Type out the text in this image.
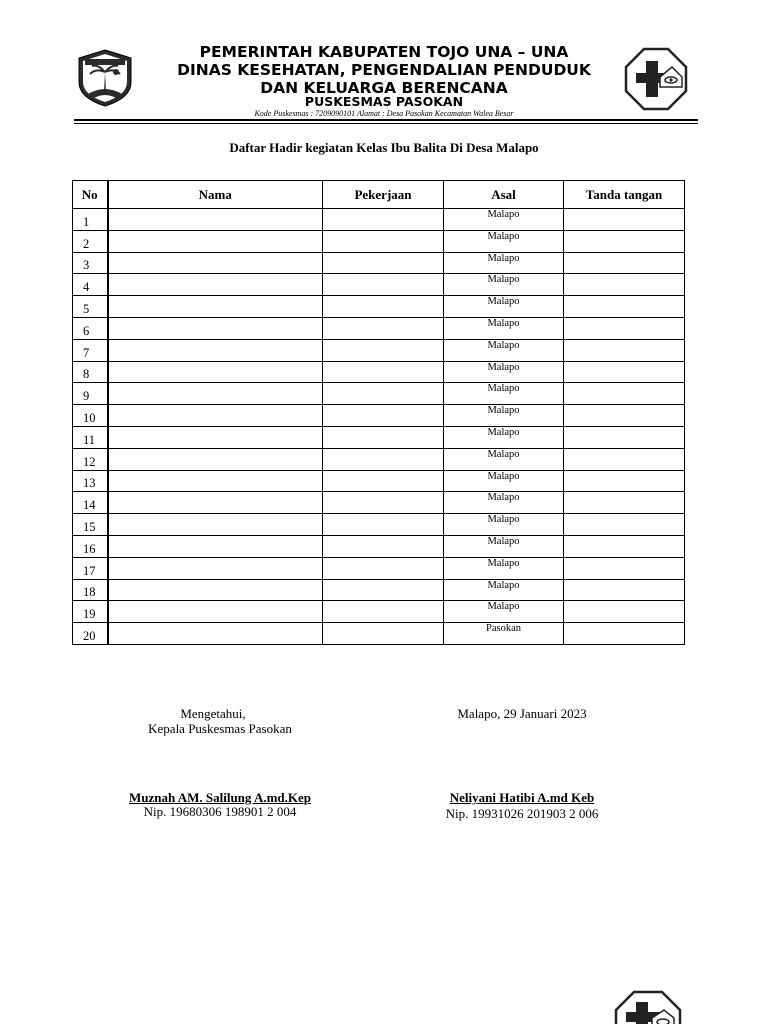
PEMERINTAH KABUPATEN TOJO UNA – UNA
DINAS KESEHATAN, PENGENDALIAN PENDUDUK
DAN KELUARGA BERENCANA
PUSKESMAS PASOKAN
Kode Puskesmas : 7209090101 Alamat : Desa Pasokan Kecamatan Walea Besar
Daftar Hadir kegiatan Kelas Ibu Balita Di Desa Malapo
No	Nama	Pekerjaan	Asal	Tanda tangan
1			Malapo	
2			Malapo	
3			Malapo	
4			Malapo	
5			Malapo	
6			Malapo	
7			Malapo	
8			Malapo	
9			Malapo	
10			Malapo	
11			Malapo	
12			Malapo	
13			Malapo	
14			Malapo	
15			Malapo	
16			Malapo	
17			Malapo	
18			Malapo	
19			Malapo	
20			Pasokan	
Mengetahui,
Kepala Puskesmas Pasokan
Muznah AM. Salilung A.md.Kep
Nip. 19680306 198901 2 004
Malapo, 29 Januari 2023
Neliyani Hatibi A.md Keb
Nip. 19931026 201903 2 006
